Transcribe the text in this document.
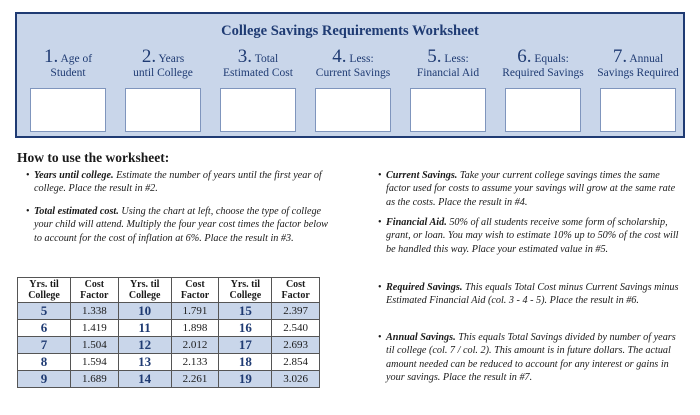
College Savings Requirements Worksheet
1. Age of
Student
2. Years
until College
3. Total
Estimated Cost
4. Less:
Current Savings
5. Less:
Financial Aid
6. Equals:
Required Savings
7. Annual
Savings Required
How to use the worksheet:
• Years until college. Estimate the number of years until the first year of college. Place the result in #2.
• Total estimated cost. Using the chart at left, choose the type of college your child will attend. Multiply the four year cost times the factor below to account for the cost of inflation at 6%. Place the result in #3.
• Current Savings. Take your current college savings times the same factor used for costs to assume your savings will grow at the same rate as the costs. Place the result in #4.
• Financial Aid. 50% of all students receive some form of scholarship, grant, or loan. You may wish to estimate 10% up to 50% of the cost will be handled this way. Place your estimated value in #5.
• Required Savings. This equals Total Cost minus Current Savings minus Estimated Financial Aid (col. 3 - 4 - 5). Place the result in #6.
• Annual Savings. This equals Total Savings divided by number of years til college (col. 7 / col. 2). This amount is in future dollars. The actual amount needed can be reduced to account for any interest or gains in your savings. Place the result in #7.
Yrs. til
College	Cost
Factor	Yrs. til
College	Cost
Factor	Yrs. til
College	Cost
Factor
5	1.338	10	1.791	15	2.397
6	1.419	11	1.898	16	2.540
7	1.504	12	2.012	17	2.693
8	1.594	13	2.133	18	2.854
9	1.689	14	2.261	19	3.026
